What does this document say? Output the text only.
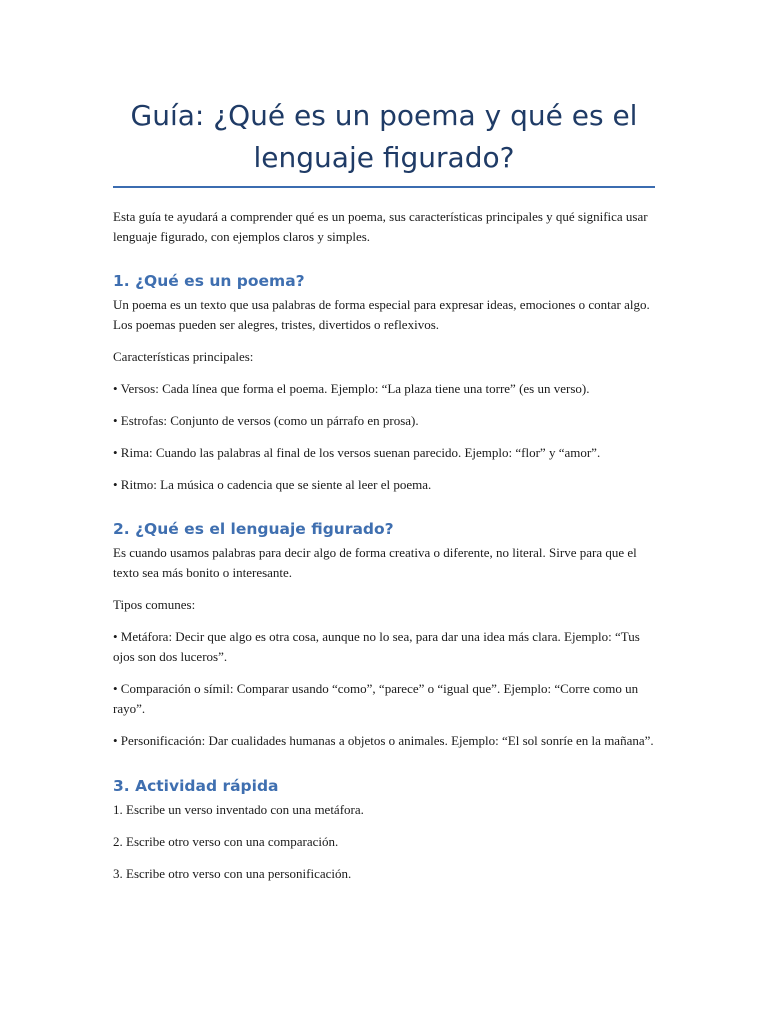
Guía: ¿Qué es un poema y qué es el lenguaje figurado?

Esta guía te ayudará a comprender qué es un poema, sus características principales y qué significa usar lenguaje figurado, con ejemplos claros y simples.

1. ¿Qué es un poema?

Un poema es un texto que usa palabras de forma especial para expresar ideas, emociones o contar algo. Los poemas pueden ser alegres, tristes, divertidos o reflexivos.

Características principales:

• Versos: Cada línea que forma el poema. Ejemplo: “La plaza tiene una torre” (es un verso).

• Estrofas: Conjunto de versos (como un párrafo en prosa).

• Rima: Cuando las palabras al final de los versos suenan parecido. Ejemplo: “flor” y “amor”.

• Ritmo: La música o cadencia que se siente al leer el poema.

2. ¿Qué es el lenguaje figurado?

Es cuando usamos palabras para decir algo de forma creativa o diferente, no literal. Sirve para que el texto sea más bonito o interesante.

Tipos comunes:

• Metáfora: Decir que algo es otra cosa, aunque no lo sea, para dar una idea más clara. Ejemplo: “Tus ojos son dos luceros”.

• Comparación o símil: Comparar usando “como”, “parece” o “igual que”. Ejemplo: “Corre como un rayo”.

• Personificación: Dar cualidades humanas a objetos o animales. Ejemplo: “El sol sonríe en la mañana”.

3. Actividad rápida

1. Escribe un verso inventado con una metáfora.

2. Escribe otro verso con una comparación.

3. Escribe otro verso con una personificación.
